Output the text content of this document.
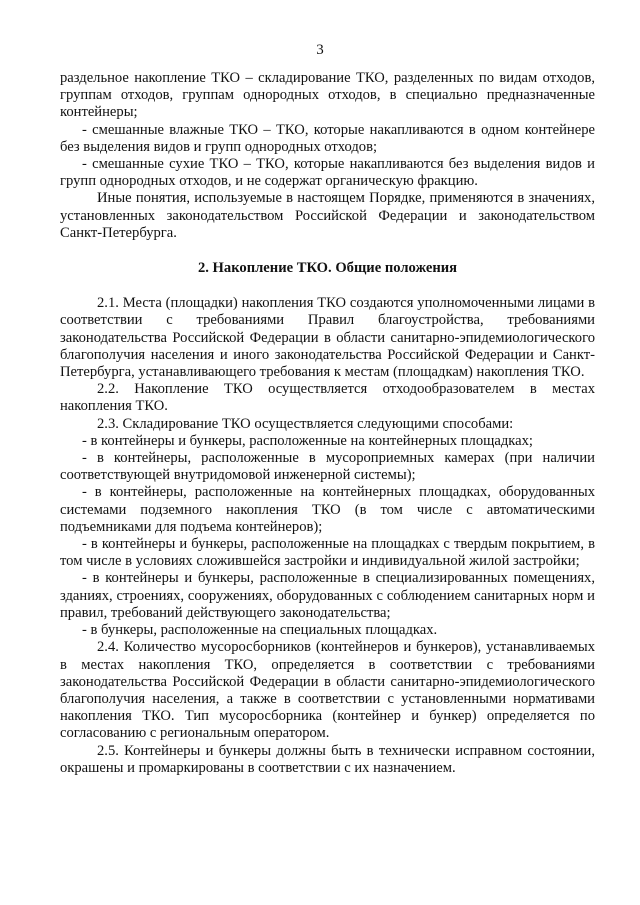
3

раздельное накопление ТКО – складирование ТКО, разделенных по видам отходов, группам отходов, группам однородных отходов, в специально предназначенные контейнеры;

- смешанные влажные ТКО – ТКО, которые накапливаются в одном контейнере без выделения видов и групп однородных отходов;

- смешанные сухие ТКО – ТКО, которые накапливаются без выделения видов и групп однородных отходов, и не содержат органическую фракцию.

Иные понятия, используемые в настоящем Порядке, применяются в значениях, установленных законодательством Российской Федерации и законодательством Санкт-Петербурга.

2. Накопление ТКО. Общие положения

2.1. Места (площадки) накопления ТКО создаются уполномоченными лицами в соответствии с требованиями Правил благоустройства, требованиями законодательства Российской Федерации в области санитарно-эпидемиологического благополучия населения и иного законодательства Российской Федерации и Санкт-Петербурга, устанавливающего требования к местам (площадкам) накопления ТКО.

2.2. Накопление ТКО осуществляется отходообразователем в местах накопления ТКО.

2.3. Складирование ТКО осуществляется следующими способами:

- в контейнеры и бункеры, расположенные на контейнерных площадках;

- в контейнеры, расположенные в мусороприемных камерах (при наличии соответствующей внутридомовой инженерной системы);

- в контейнеры, расположенные на контейнерных площадках, оборудованных системами подземного накопления ТКО (в том числе с автоматическими подъемниками для подъема контейнеров);

- в контейнеры и бункеры, расположенные на площадках с твердым покрытием, в том числе в условиях сложившейся застройки и индивидуальной жилой застройки;

- в контейнеры и бункеры, расположенные в специализированных помещениях, зданиях, строениях, сооружениях, оборудованных с соблюдением санитарных норм и правил, требований действующего законодательства;

- в бункеры, расположенные на специальных площадках.

2.4. Количество мусоросборников (контейнеров и бункеров), устанавливаемых в местах накопления ТКО, определяется в соответствии с требованиями законодательства Российской Федерации в области санитарно-эпидемиологического благополучия населения, а также в соответствии с установленными нормативами накопления ТКО. Тип мусоросборника (контейнер и бункер) определяется по согласованию с региональным оператором.

2.5. Контейнеры и бункеры должны быть в технически исправном состоянии, окрашены и промаркированы в соответствии с их назначением.
